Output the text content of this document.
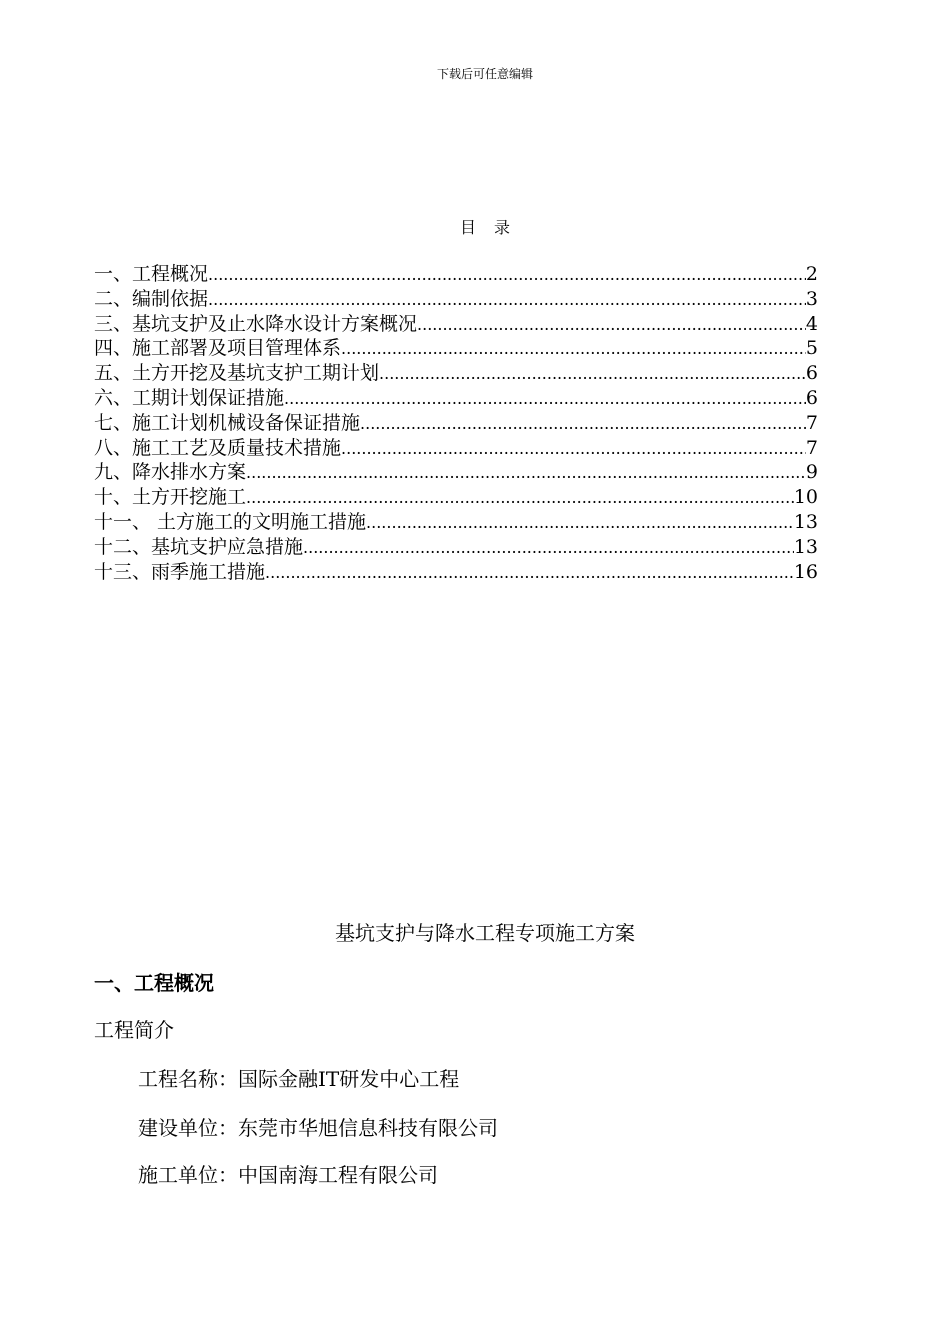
下载后可任意编辑
目录
一、工程概况 .....	2
二、编制依据 .....	3
三、基坑支护及止水降水设计方案概况 .....	4
四、施工部署及项目管理体系 .....	5
五、土方开挖及基坑支护工期计划 .....	6
六、工期计划保证措施 .....	6
七、施工计划机械设备保证措施 .....	7
八、施工工艺及质量技术措施 .....	7
九、降水排水方案 .....	9
十、土方开挖施工 .....	10
十一、 土方施工的文明施工措施 .....	13
十二、基坑支护应急措施 .....	13
十三、雨季施工措施 .....	16
基坑支护与降水工程专项施工方案
一、工程概况
工程简介
工程名称：国际金融IT研发中心工程
建设单位：东莞市华旭信息科技有限公司
施工单位：中国南海工程有限公司
